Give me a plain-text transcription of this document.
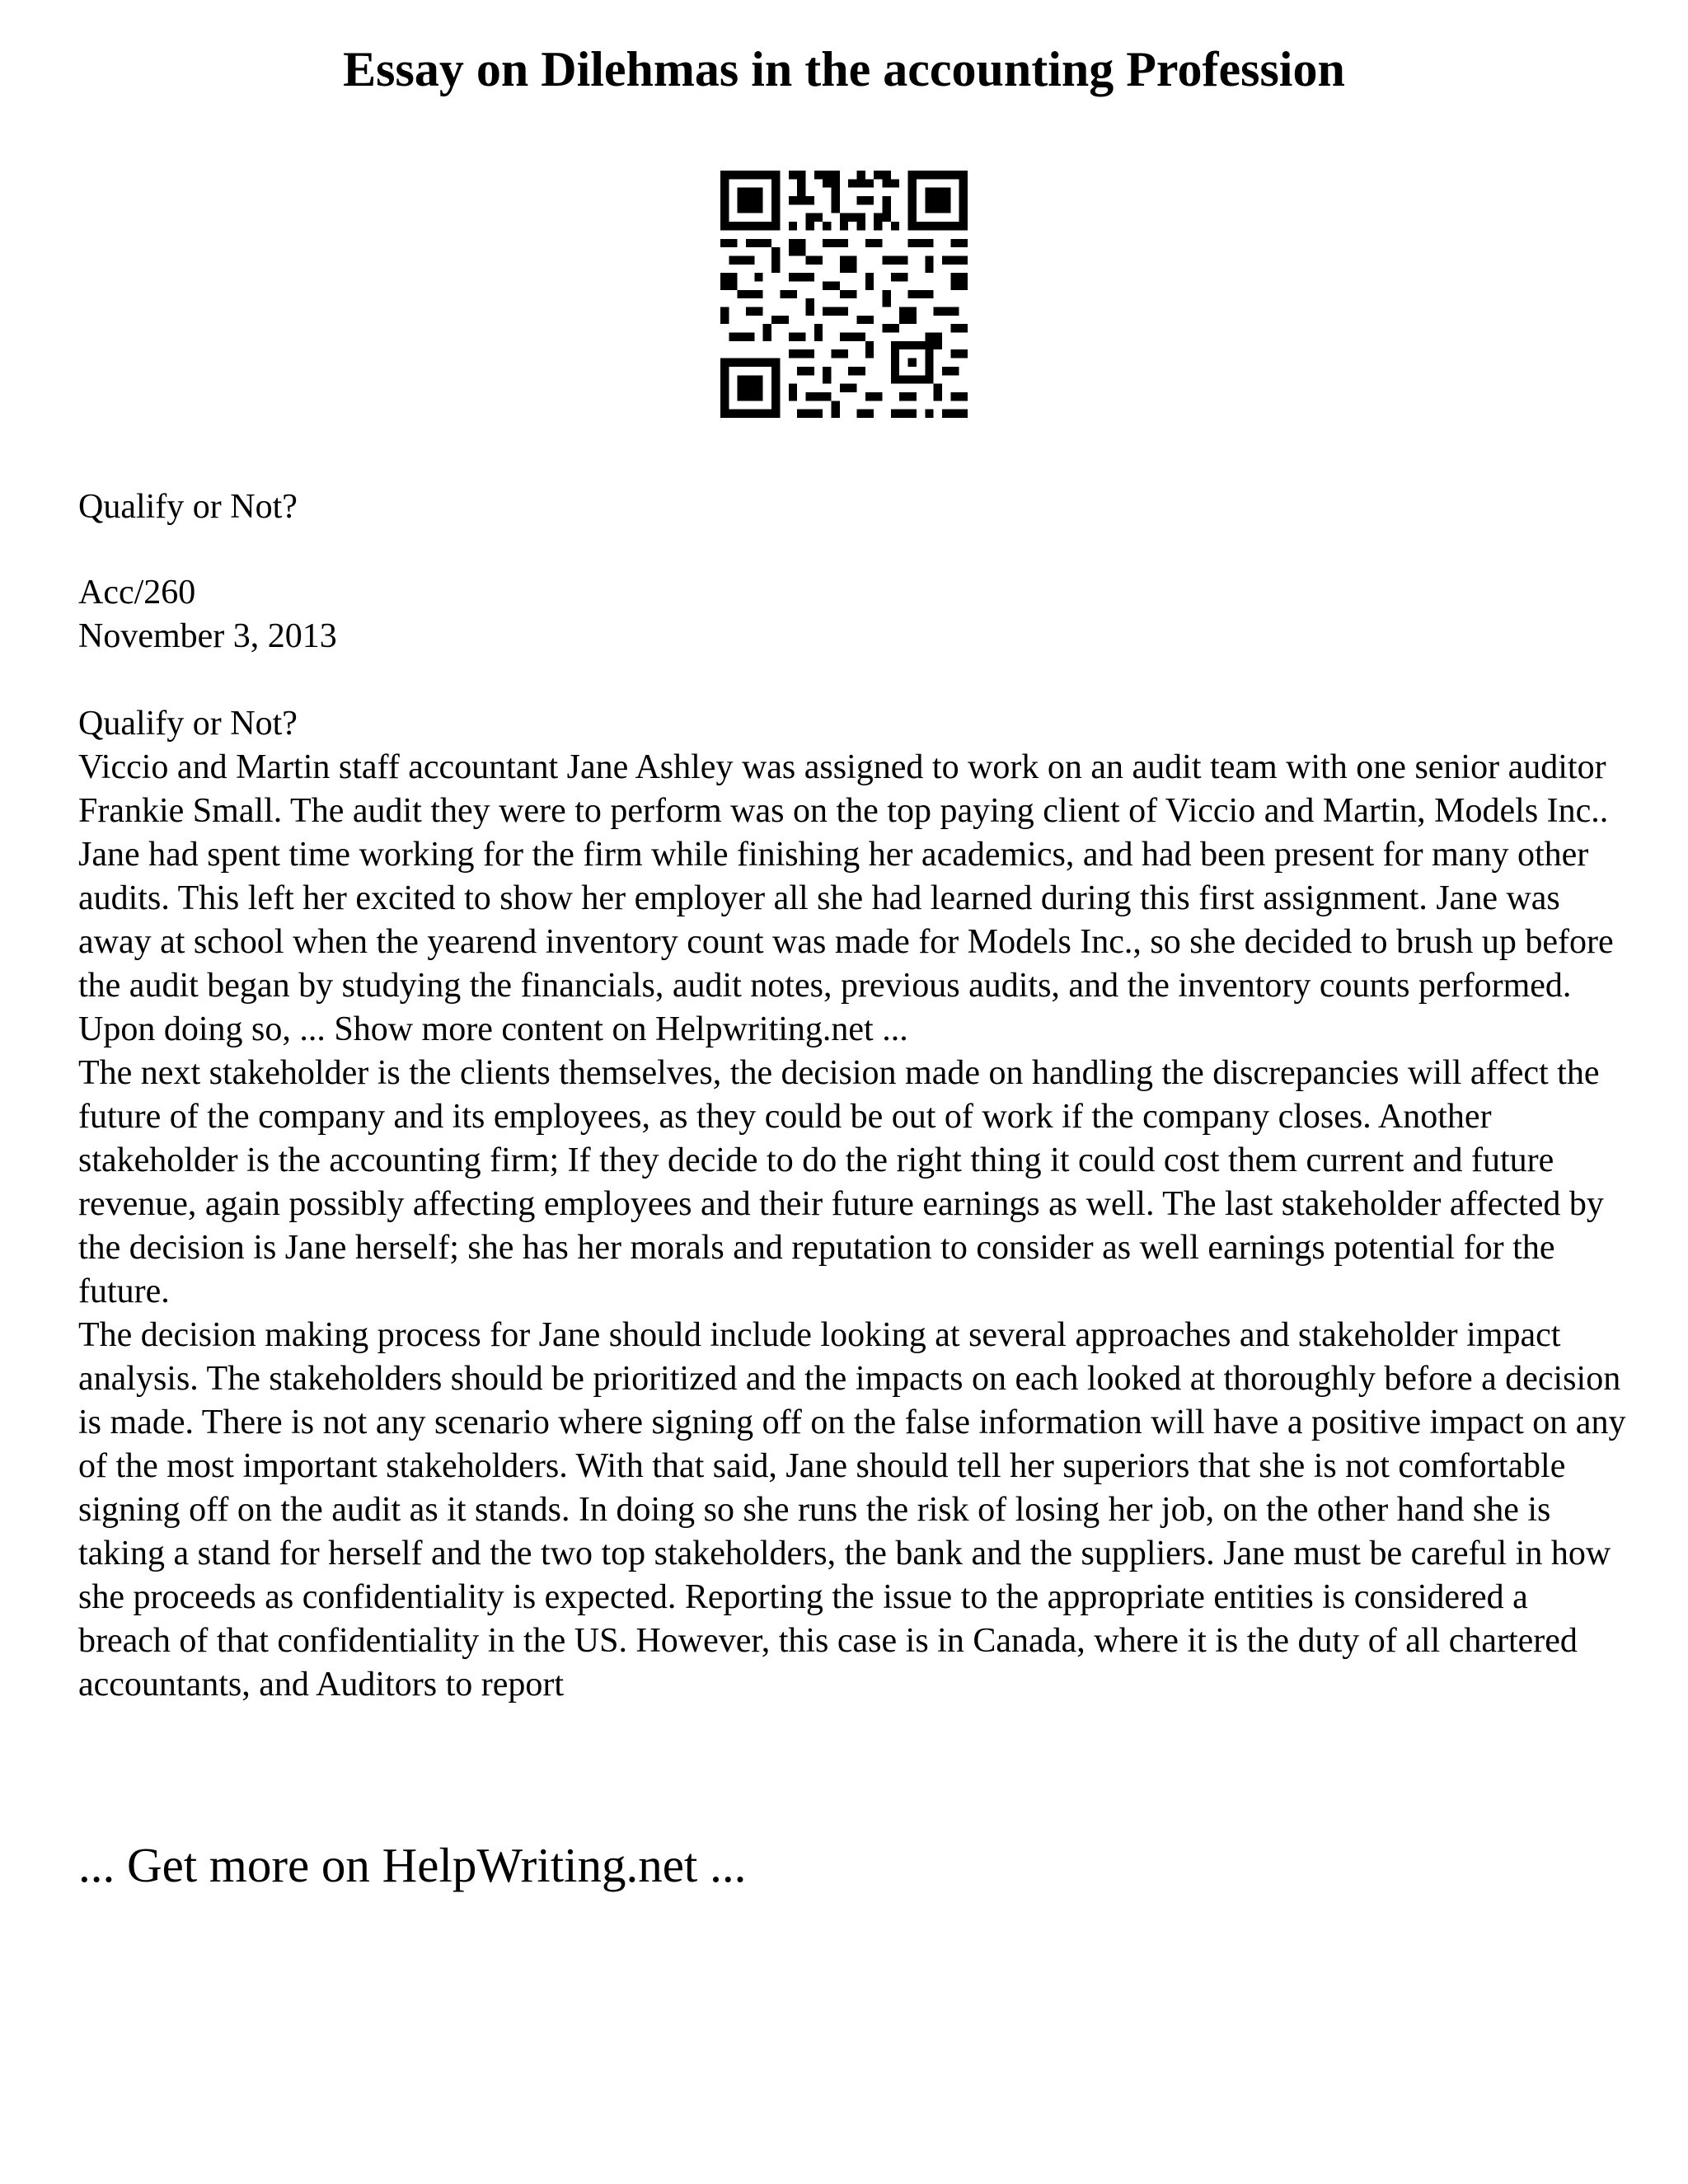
Essay on Dilehmas in the accounting Profession

Qualify or Not?

Acc/260

November 3, 2013

Qualify or Not?

Viccio and Martin staff accountant Jane Ashley was assigned to work on an audit team with one senior auditor Frankie Small. The audit they were to perform was on the top paying client of Viccio and Martin, Models Inc.. Jane had spent time working for the firm while finishing her academics, and had been present for many other audits. This left her excited to show her employer all she had learned during this first assignment. Jane was away at school when the yearend inventory count was made for Models Inc., so she decided to brush up before the audit began by studying the financials, audit notes, previous audits, and the inventory counts performed. Upon doing so, ... Show more content on Helpwriting.net ...

The next stakeholder is the clients themselves, the decision made on handling the discrepancies will affect the future of the company and its employees, as they could be out of work if the company closes. Another stakeholder is the accounting firm; If they decide to do the right thing it could cost them current and future revenue, again possibly affecting employees and their future earnings as well. The last stakeholder affected by the decision is Jane herself; she has her morals and reputation to consider as well earnings potential for the future.

The decision making process for Jane should include looking at several approaches and stakeholder impact analysis. The stakeholders should be prioritized and the impacts on each looked at thoroughly before a decision is made. There is not any scenario where signing off on the false information will have a positive impact on any of the most important stakeholders. With that said, Jane should tell her superiors that she is not comfortable signing off on the audit as it stands. In doing so she runs the risk of losing her job, on the other hand she is taking a stand for herself and the two top stakeholders, the bank and the suppliers. Jane must be careful in how she proceeds as confidentiality is expected. Reporting the issue to the appropriate entities is considered a breach of that confidentiality in the US. However, this case is in Canada, where it is the duty of all chartered accountants, and Auditors to report

... Get more on HelpWriting.net ...
